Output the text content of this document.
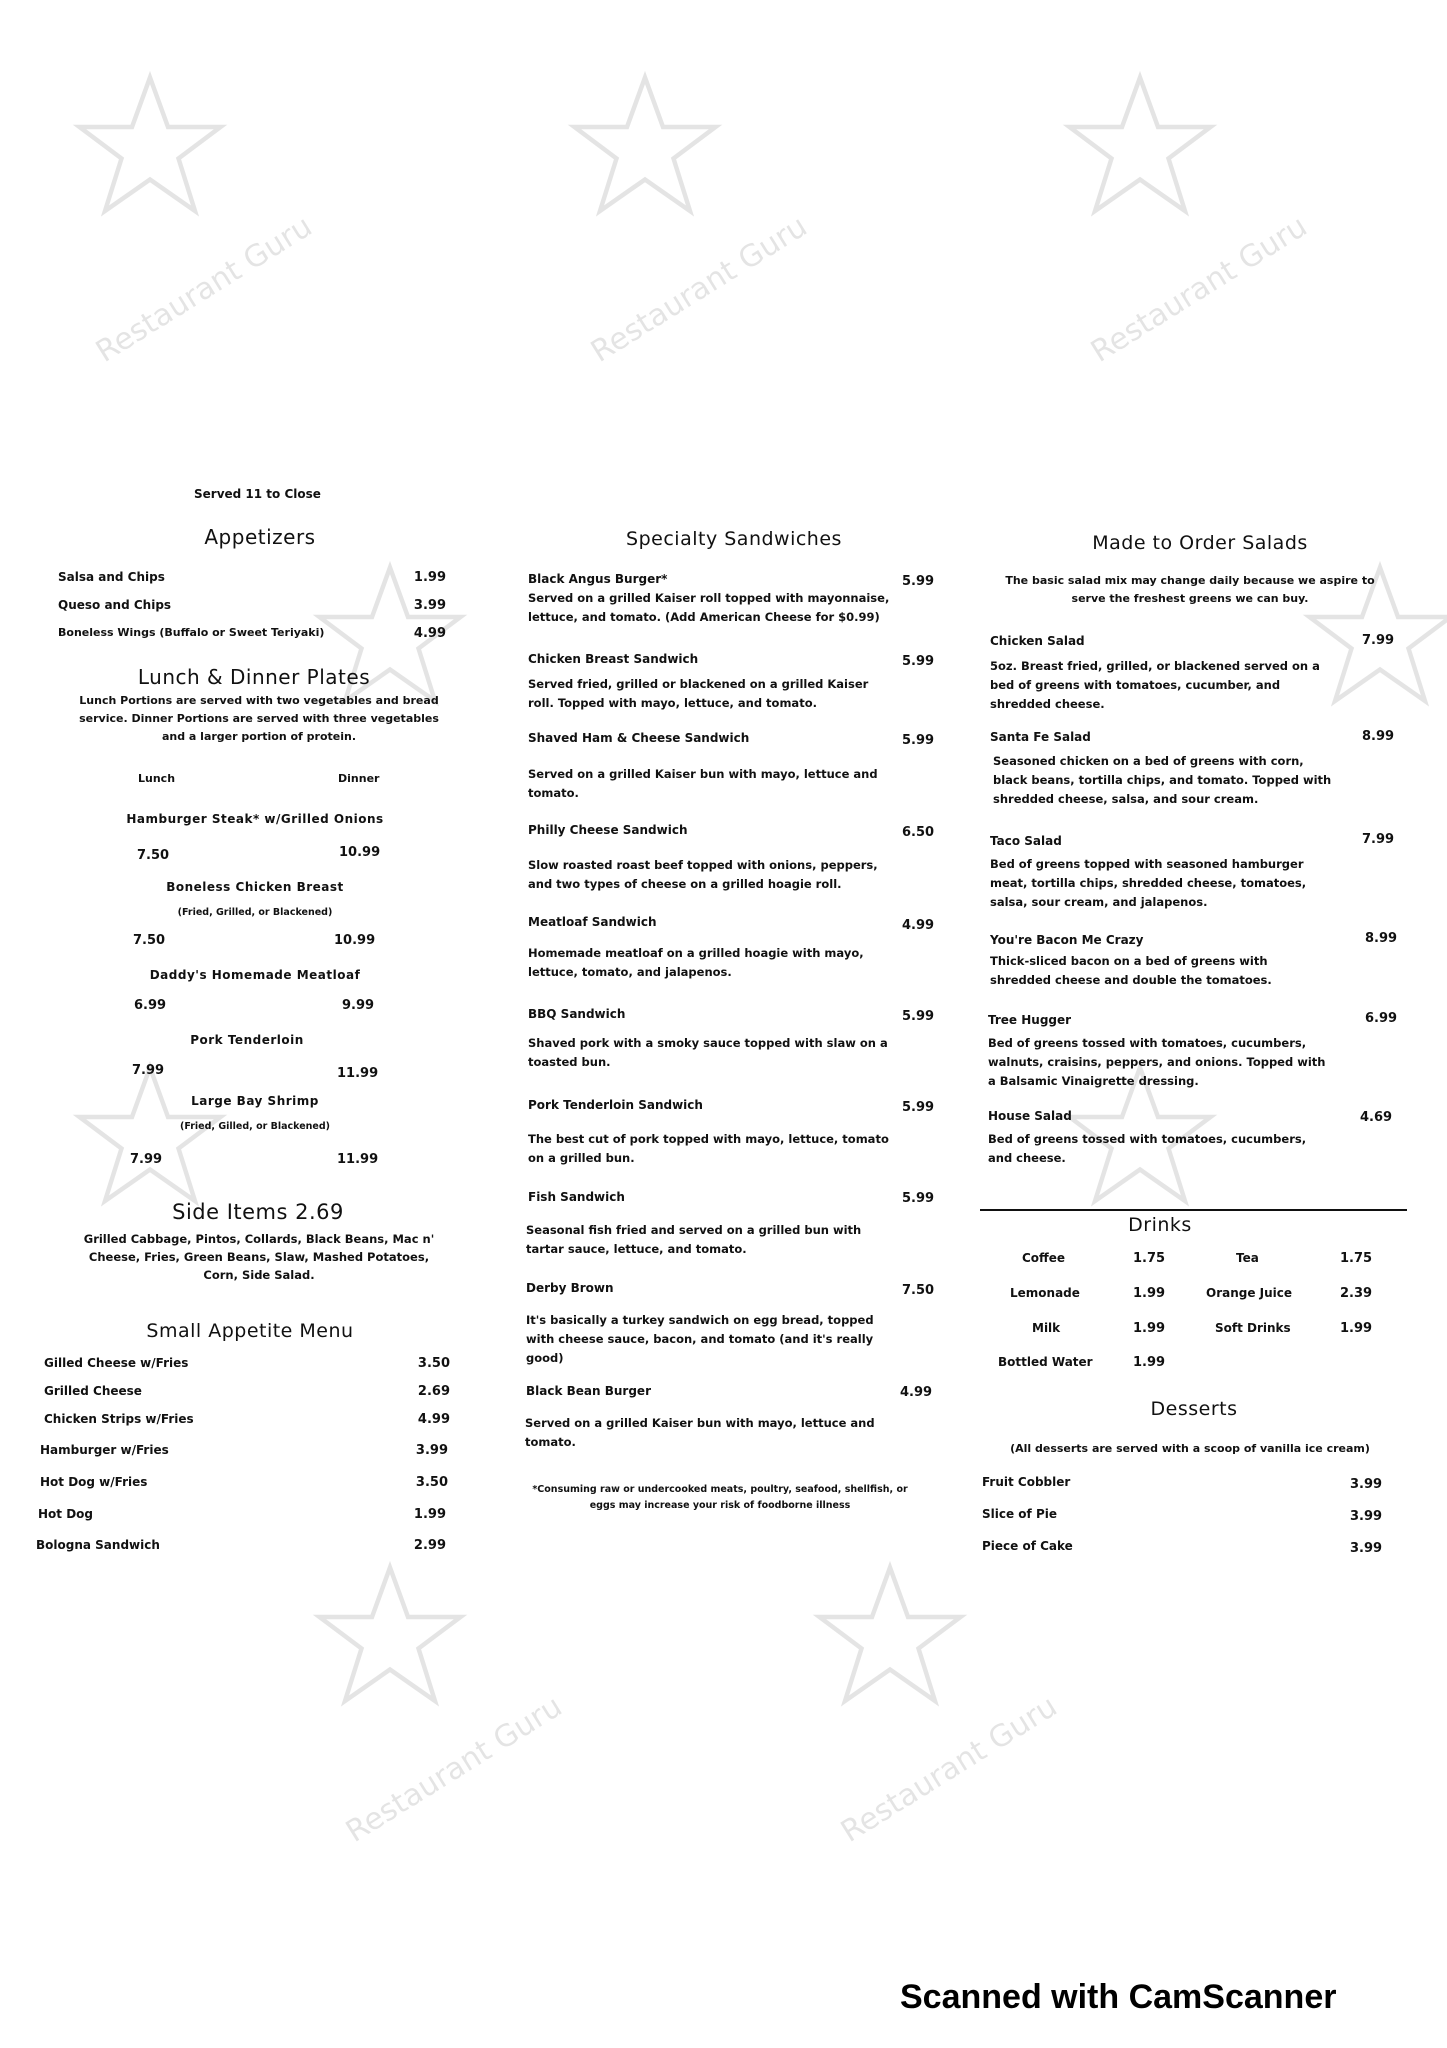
Restaurant Guru	Restaurant Guru	Restaurant Guru
Restaurant Guru	Restaurant Guru
Served 11 to Close
Appetizers
Salsa and Chips	1.99
Queso and Chips	3.99
Boneless Wings (Buffalo or Sweet Teriyaki)	4.99
Lunch & Dinner Plates
Lunch Portions are served with two vegetables and bread service. Dinner Portions are served with three vegetables and a larger portion of protein.
Lunch	Dinner
Hamburger Steak* w/Grilled Onions
7.50	10.99
Boneless Chicken Breast
(Fried, Grilled, or Blackened)
7.50	10.99
Daddy's Homemade Meatloaf
6.99	9.99
Pork Tenderloin
7.99	11.99
Large Bay Shrimp
(Fried, Gilled, or Blackened)
7.99	11.99
Side Items 2.69
Grilled Cabbage, Pintos, Collards, Black Beans, Mac n' Cheese, Fries, Green Beans, Slaw, Mashed Potatoes, Corn, Side Salad.
Small Appetite Menu
Gilled Cheese w/Fries	3.50
Grilled Cheese	2.69
Chicken Strips w/Fries	4.99
Hamburger w/Fries	3.99
Hot Dog w/Fries	3.50
Hot Dog	1.99
Bologna Sandwich	2.99
Specialty Sandwiches
Black Angus Burger*	5.99
Served on a grilled Kaiser roll topped with mayonnaise, lettuce, and tomato. (Add American Cheese for $0.99)
Chicken Breast Sandwich	5.99
Served fried, grilled or blackened on a grilled Kaiser roll. Topped with mayo, lettuce, and tomato.
Shaved Ham & Cheese Sandwich	5.99
Served on a grilled Kaiser bun with mayo, lettuce and tomato.
Philly Cheese Sandwich	6.50
Slow roasted roast beef topped with onions, peppers, and two types of cheese on a grilled hoagie roll.
Meatloaf Sandwich	4.99
Homemade meatloaf on a grilled hoagie with mayo, lettuce, tomato, and jalapenos.
BBQ Sandwich	5.99
Shaved pork with a smoky sauce topped with slaw on a toasted bun.
Pork Tenderloin Sandwich	5.99
The best cut of pork topped with mayo, lettuce, tomato on a grilled bun.
Fish Sandwich	5.99
Seasonal fish fried and served on a grilled bun with tartar sauce, lettuce, and tomato.
Derby Brown	7.50
It's basically a turkey sandwich on egg bread, topped with cheese sauce, bacon, and tomato (and it's really good)
Black Bean Burger	4.99
Served on a grilled Kaiser bun with mayo, lettuce and tomato.
*Consuming raw or undercooked meats, poultry, seafood, shellfish, or eggs may increase your risk of foodborne illness
Made to Order Salads
The basic salad mix may change daily because we aspire to serve the freshest greens we can buy.
Chicken Salad	7.99
5oz. Breast fried, grilled, or blackened served on a bed of greens with tomatoes, cucumber, and shredded cheese.
Santa Fe Salad	8.99
Seasoned chicken on a bed of greens with corn, black beans, tortilla chips, and tomato. Topped with shredded cheese, salsa, and sour cream.
Taco Salad	7.99
Bed of greens topped with seasoned hamburger meat, tortilla chips, shredded cheese, tomatoes, salsa, sour cream, and jalapenos.
You're Bacon Me Crazy	8.99
Thick-sliced bacon on a bed of greens with shredded cheese and double the tomatoes.
Tree Hugger	6.99
Bed of greens tossed with tomatoes, cucumbers, walnuts, craisins, peppers, and onions. Topped with a Balsamic Vinaigrette dressing.
House Salad	4.69
Bed of greens tossed with tomatoes, cucumbers, and cheese.
Drinks
Coffee	1.75
Lemonade	1.99
Milk	1.99
Bottled Water	1.99
Tea	1.75
Orange Juice	2.39
Soft Drinks	1.99
Desserts
(All desserts are served with a scoop of vanilla ice cream)
Fruit Cobbler	3.99
Slice of Pie	3.99
Piece of Cake	3.99
Scanned with CamScanner
